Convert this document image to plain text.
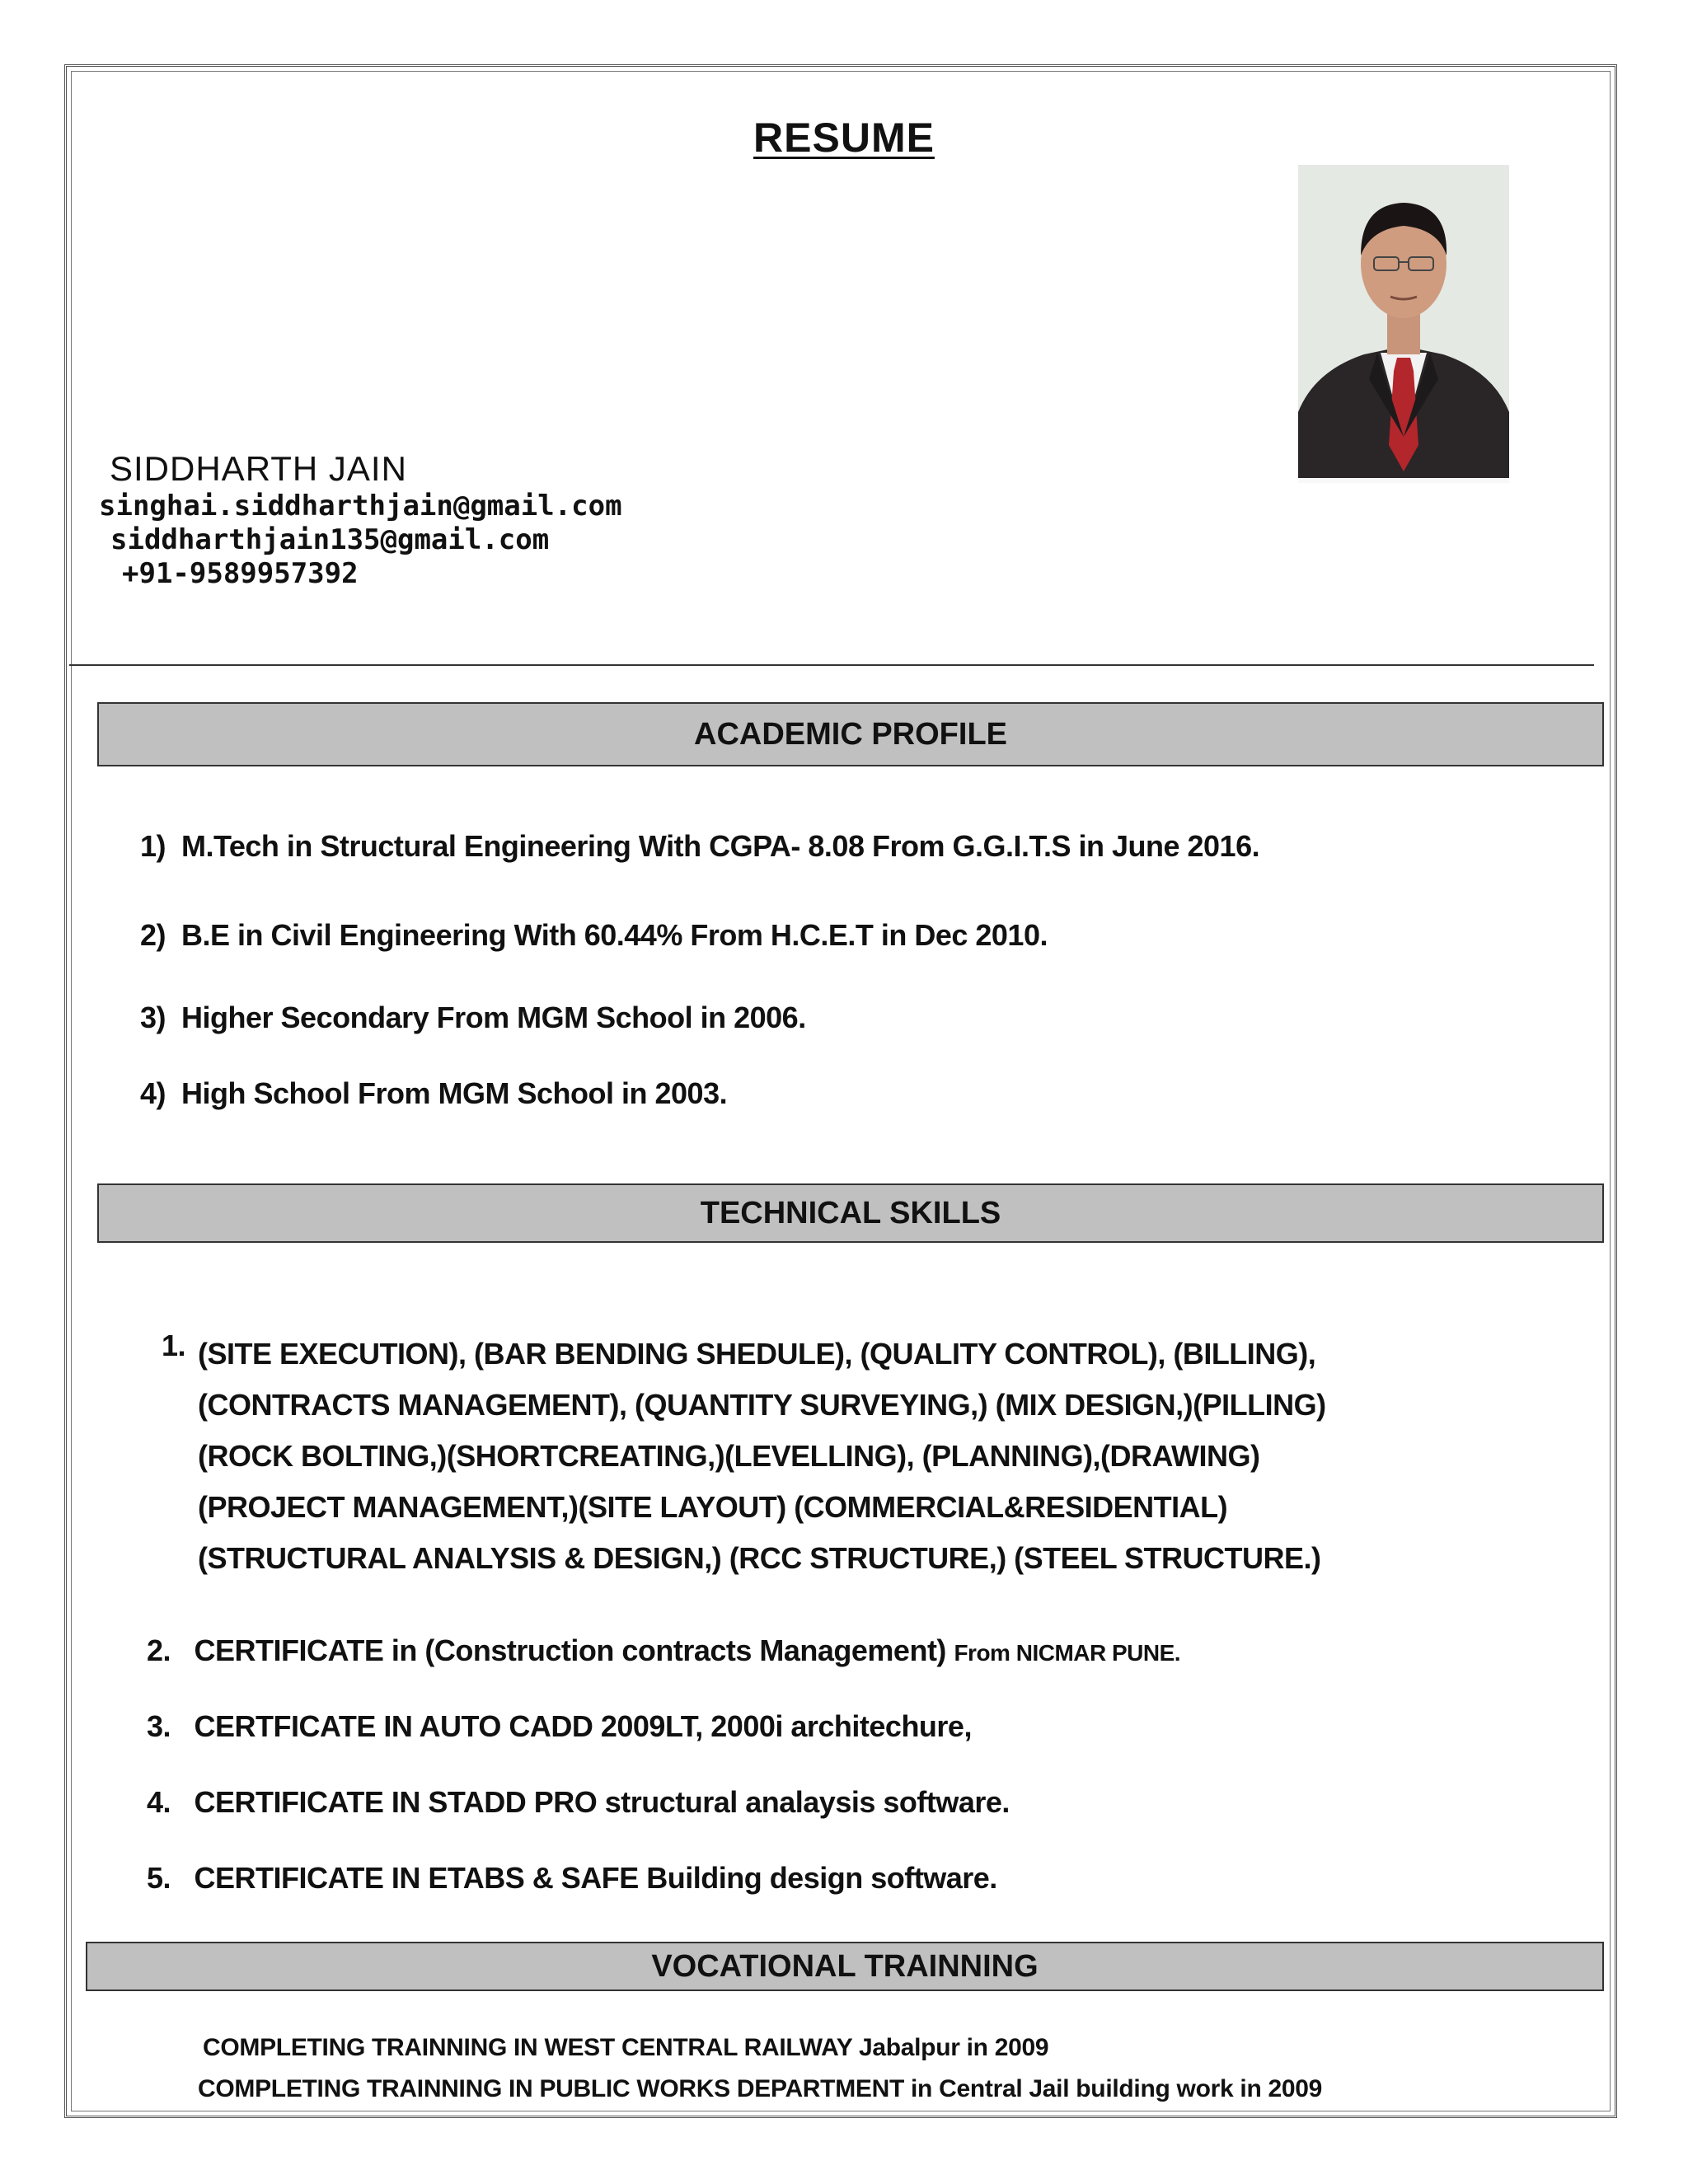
RESUME
SIDDHARTH JAIN
singhai.siddharthjain@gmail.com
siddharthjain135@gmail.com
+91-9589957392
ACADEMIC PROFILE
1) M.Tech in Structural Engineering With CGPA- 8.08 From G.G.I.T.S in June 2016.
2) B.E in Civil Engineering With 60.44% From H.C.E.T in Dec 2010.
3) Higher Secondary From MGM School in 2006.
4) High School From MGM School in 2003.
TECHNICAL SKILLS
1. (SITE EXECUTION), (BAR BENDING SHEDULE), (QUALITY CONTROL), (BILLING),
(CONTRACTS MANAGEMENT), (QUANTITY SURVEYING,) (MIX DESIGN,)(PILLING)
(ROCK BOLTING,)(SHORTCREATING,)(LEVELLING), (PLANNING),(DRAWING)
(PROJECT MANAGEMENT,)(SITE LAYOUT) (COMMERCIAL&RESIDENTIAL)
(STRUCTURAL ANALYSIS & DESIGN,) (RCC STRUCTURE,) (STEEL STRUCTURE.)
2. CERTIFICATE in (Construction contracts Management) From NICMAR PUNE.
3. CERTFICATE IN AUTO CADD 2009LT, 2000i architechure,
4. CERTIFICATE IN STADD PRO structural analaysis software.
5. CERTIFICATE IN ETABS & SAFE Building design software.
VOCATIONAL TRAINNING
COMPLETING TRAINNING IN WEST CENTRAL RAILWAY Jabalpur in 2009
COMPLETING TRAINNING IN PUBLIC WORKS DEPARTMENT in Central Jail building work in 2009
